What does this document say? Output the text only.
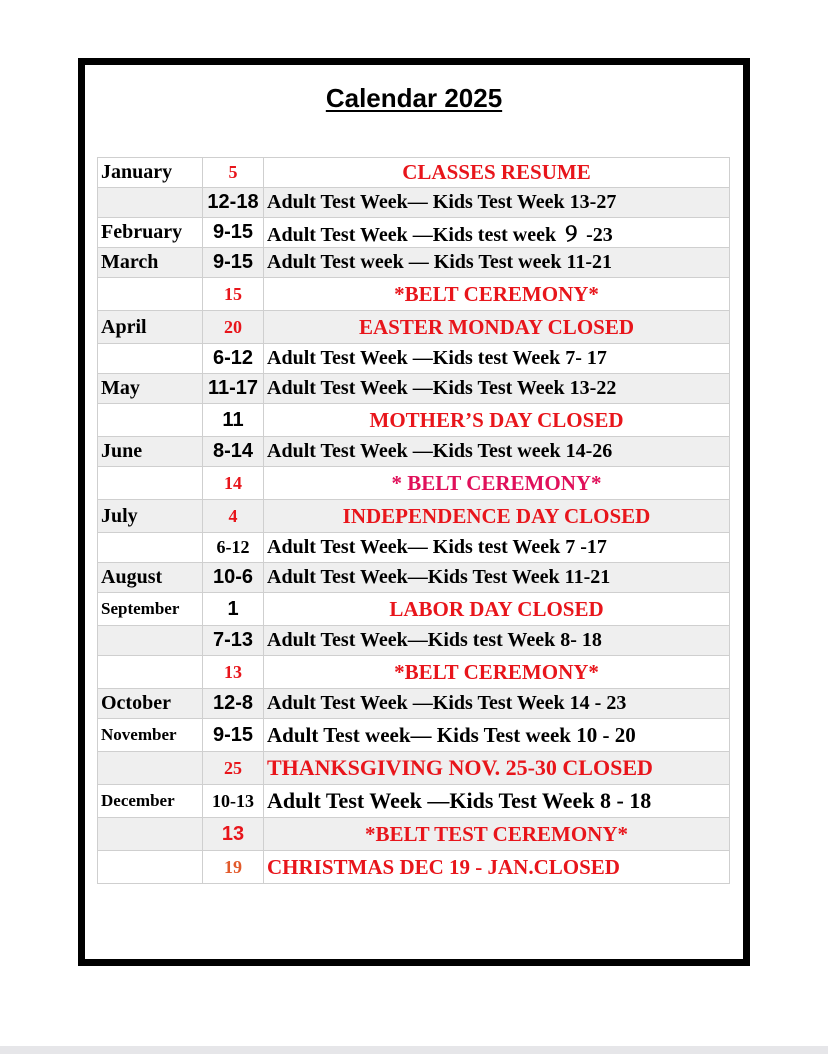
Calendar 2025
January	5	CLASSES RESUME
	12-18	Adult Test Week— Kids Test Week 13-27
February	9-15	Adult Test Week —Kids test week ９ -23
March	9-15	Adult Test week — Kids Test week 11-21
	15	*BELT CEREMONY*
April	20	EASTER MONDAY CLOSED
	6-12	Adult Test Week —Kids test Week 7- 17
May	11-17	Adult Test Week —Kids Test Week 13-22
	11	MOTHER’S DAY CLOSED
June	8-14	Adult Test Week —Kids Test week 14-26
	14	* BELT CEREMONY*
July	4	INDEPENDENCE DAY CLOSED
	6-12	Adult Test Week— Kids test Week 7 -17
August	10-6	Adult Test Week—Kids Test Week 11-21
September	1	LABOR DAY CLOSED
	7-13	Adult Test Week—Kids test Week 8- 18
	13	*BELT CEREMONY*
October	12-8	Adult Test Week —Kids Test Week 14 - 23
November	9-15	Adult Test week— Kids Test week 10 - 20
	25	THANKSGIVING NOV. 25-30 CLOSED
December	10-13	Adult Test Week —Kids Test Week 8 - 18
	13	*BELT TEST CEREMONY*
	19	CHRISTMAS DEC 19 - JAN.CLOSED
